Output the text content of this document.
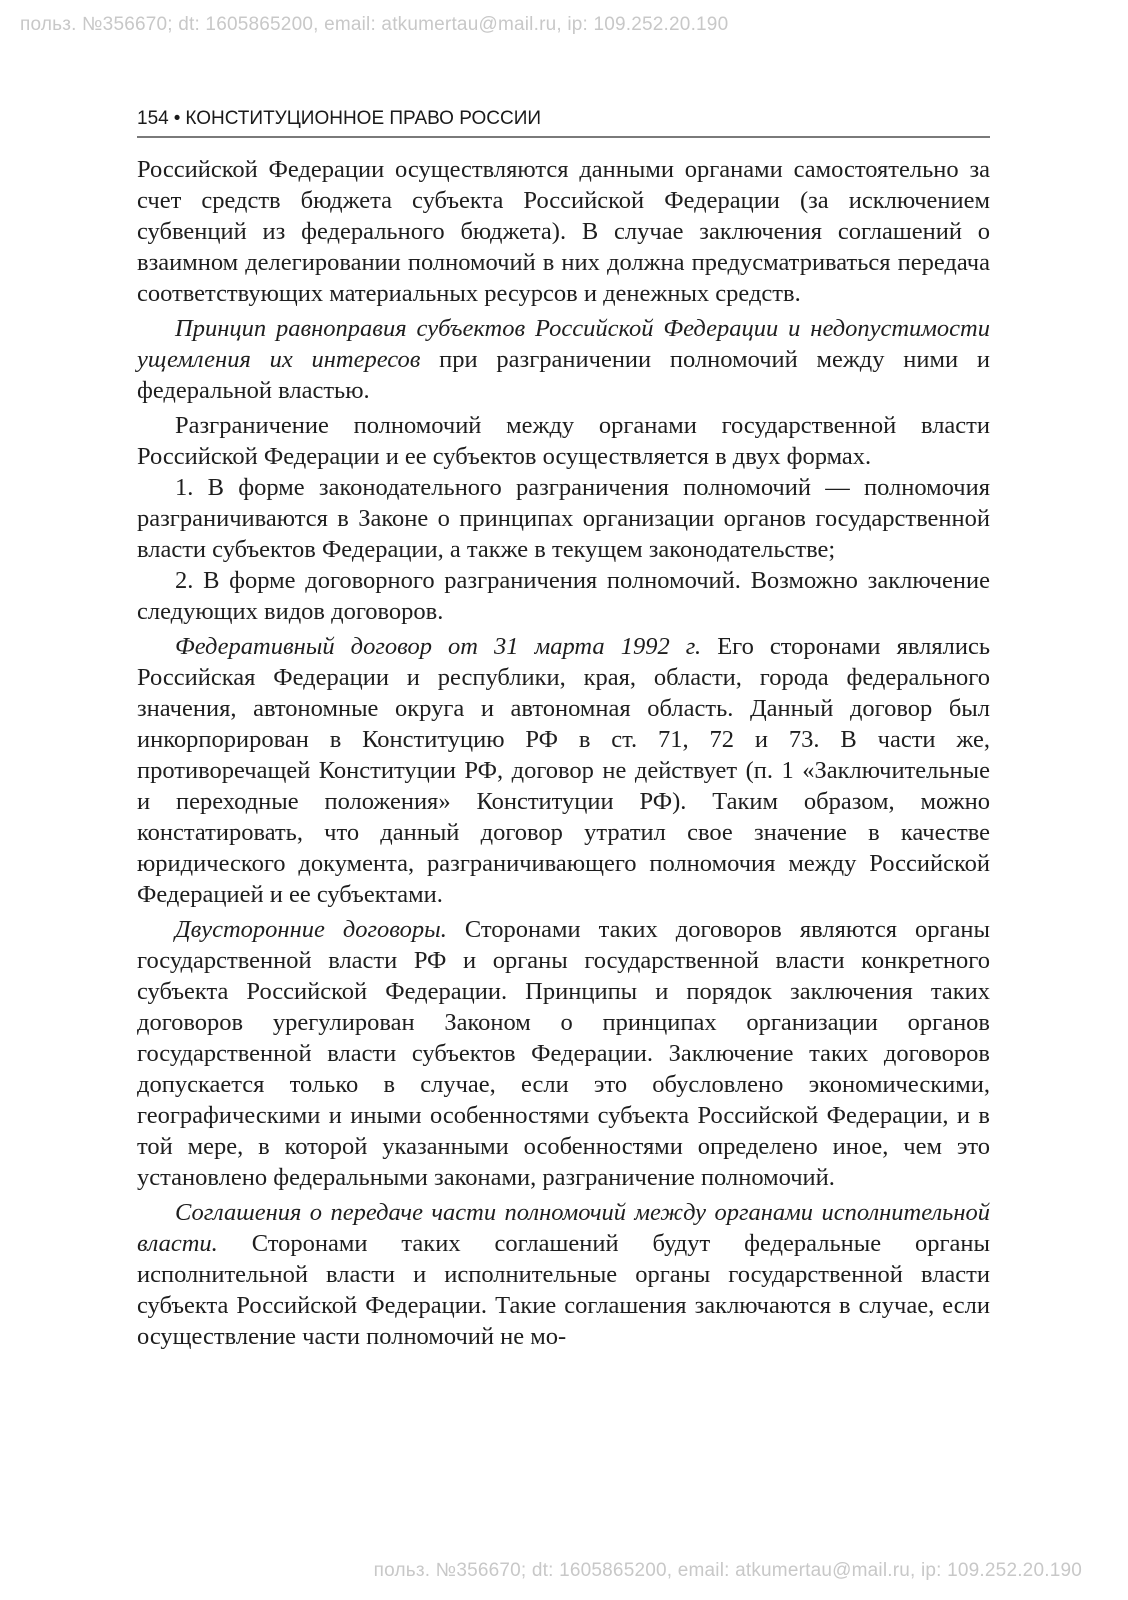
польз. №356670; dt: 1605865200, email: atkumertau@mail.ru, ip: 109.252.20.190
154 • КОНСТИТУЦИОННОЕ ПРАВО РОССИИ

Российской Федерации осуществляются данными органами самостоятельно за счет средств бюджета субъекта Российской Федерации (за исключением субвенций из федерального бюджета). В случае заключения соглашений о взаимном делегировании полномочий в них должна предусматриваться передача соответствующих материальных ресурсов и денежных средств.

Принцип равноправия субъектов Российской Федерации и недопустимости ущемления их интересов при разграничении полномочий между ними и федеральной властью.

Разграничение полномочий между органами государственной власти Российской Федерации и ее субъектов осуществляется в двух формах.

1. В форме законодательного разграничения полномочий — полномочия разграничиваются в Законе о принципах организации органов государственной власти субъектов Федерации, а также в текущем законодательстве;

2. В форме договорного разграничения полномочий. Возможно заключение следующих видов договоров.

Федеративный договор от 31 марта 1992 г. Его сторонами являлись Российская Федерации и республики, края, области, города федерального значения, автономные округа и автономная область. Данный договор был инкорпорирован в Конституцию РФ в ст. 71, 72 и 73. В части же, противоречащей Конституции РФ, договор не действует (п. 1 «Заключительные и переходные положения» Конституции РФ). Таким образом, можно констатировать, что данный договор утратил свое значение в качестве юридического документа, разграничивающего полномочия между Российской Федерацией и ее субъектами.

Двусторонние договоры. Сторонами таких договоров являются органы государственной власти РФ и органы государственной власти конкретного субъекта Российской Федерации. Принципы и порядок заключения таких договоров урегулирован Законом о принципах организации органов государственной власти субъектов Федерации. Заключение таких договоров допускается только в случае, если это обусловлено экономическими, географическими и иными особенностями субъекта Российской Федерации, и в той мере, в которой указанными особенностями определено иное, чем это установлено федеральными законами, разграничение полномочий.

Соглашения о передаче части полномочий между органами исполнительной власти. Сторонами таких соглашений будут федеральные органы исполнительной власти и исполнительные органы государственной власти субъекта Российской Федерации. Такие соглашения заключаются в случае, если осуществление части полномочий не мо-

польз. №356670; dt: 1605865200, email: atkumertau@mail.ru, ip: 109.252.20.190
